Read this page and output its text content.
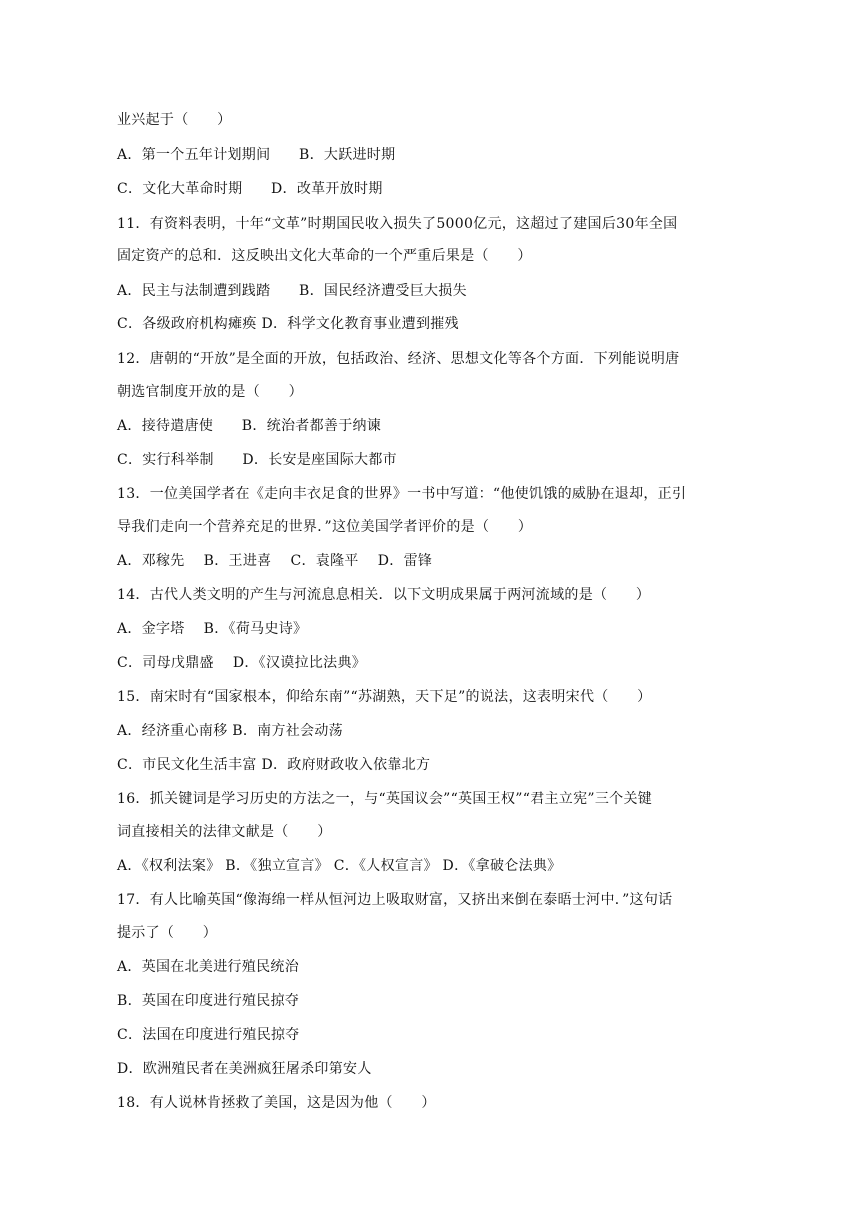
业兴起于（　　）
A．第一个五年计划期间　　B．大跃进时期
C．文化大革命时期　　D．改革开放时期
11．有资料表明，十年“文革”时期国民收入损失了5000亿元，这超过了建国后30年全国
固定资产的总和．这反映出文化大革命的一个严重后果是（　　）
A．民主与法制遭到践踏　　B．国民经济遭受巨大损失
C．各级政府机构瘫痪 D．科学文化教育事业遭到摧残
12．唐朝的“开放”是全面的开放，包括政治、经济、思想文化等各个方面．下列能说明唐
朝选官制度开放的是（　　）
A．接待遣唐使　　B．统治者都善于纳谏
C．实行科举制　　D．长安是座国际大都市
13．一位美国学者在《走向丰衣足食的世界》一书中写道：“他使饥饿的威胁在退却，正引
导我们走向一个营养充足的世界．”这位美国学者评价的是（　　）
A．邓稼先　 B．王进喜　 C．袁隆平　 D．雷锋
14．古代人类文明的产生与河流息息相关．以下文明成果属于两河流域的是（　　）
A．金字塔　 B．《荷马史诗》
C．司母戊鼎盛　 D．《汉谟拉比法典》
15．南宋时有“国家根本，仰给东南”“苏湖熟，天下足”的说法，这表明宋代（　　）
A．经济重心南移 B．南方社会动荡
C．市民文化生活丰富 D．政府财政收入依靠北方
16．抓关键词是学习历史的方法之一，与“英国议会”“英国王权”“君主立宪”三个关键
词直接相关的法律文献是（　　）
A．《权利法案》 B．《独立宣言》 C．《人权宣言》 D．《拿破仑法典》
17．有人比喻英国“像海绵一样从恒河边上吸取财富，又挤出来倒在泰晤士河中．”这句话
提示了（　　）
A．英国在北美进行殖民统治
B．英国在印度进行殖民掠夺
C．法国在印度进行殖民掠夺
D．欧洲殖民者在美洲疯狂屠杀印第安人
18．有人说林肯拯救了美国，这是因为他（　　）
